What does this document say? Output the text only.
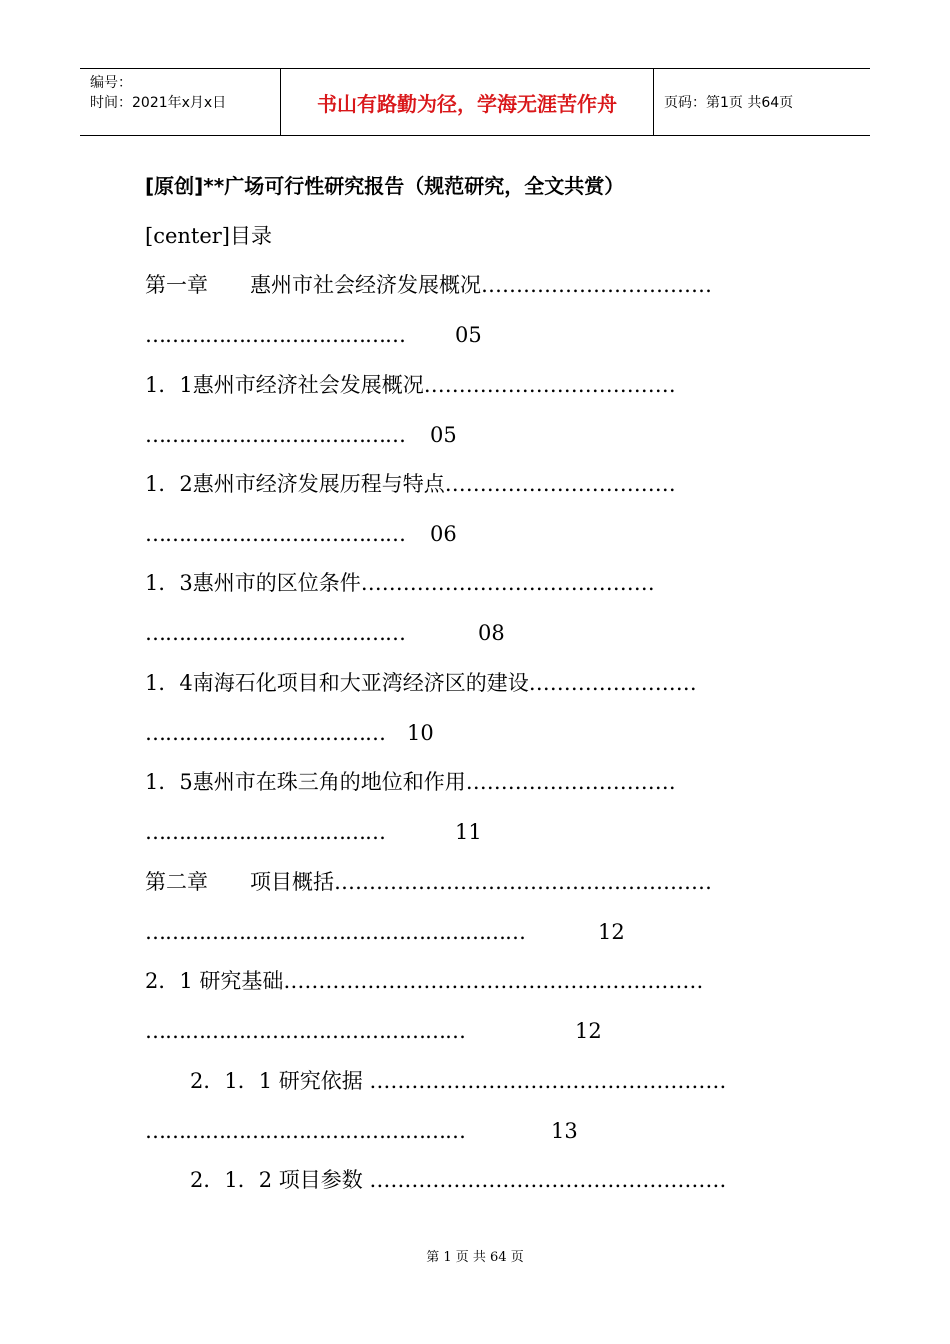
编号：
时间：2021年x月x日	书山有路勤为径，学海无涯苦作舟	页码：第1页 共64页
[原创]**广场可行性研究报告（规范研究，全文共赏）
[center]目录
第一章　　惠州市社会经济发展概况……………………………
………………………………… 05
1．1惠州市经济社会发展概况………………………………
………………………………… 05
1．2惠州市经济发展历程与特点……………………………
………………………………… 06
1．3惠州市的区位条件……………………………………
…………………………………	08
1．4南海石化项目和大亚湾经济区的建设……………………
……………………………… 10
1．5惠州市在珠三角的地位和作用…………………………
………………………………	11
第二章　　项目概括………………………………………………
…………………………………………………	12
2．1 研究基础……………………………………………………
…………………………………………	12
2．1．1 研究依据 ……………………………………………
…………………………………………	13
2．1．2 项目参数 ……………………………………………
第 1 页 共 64 页
